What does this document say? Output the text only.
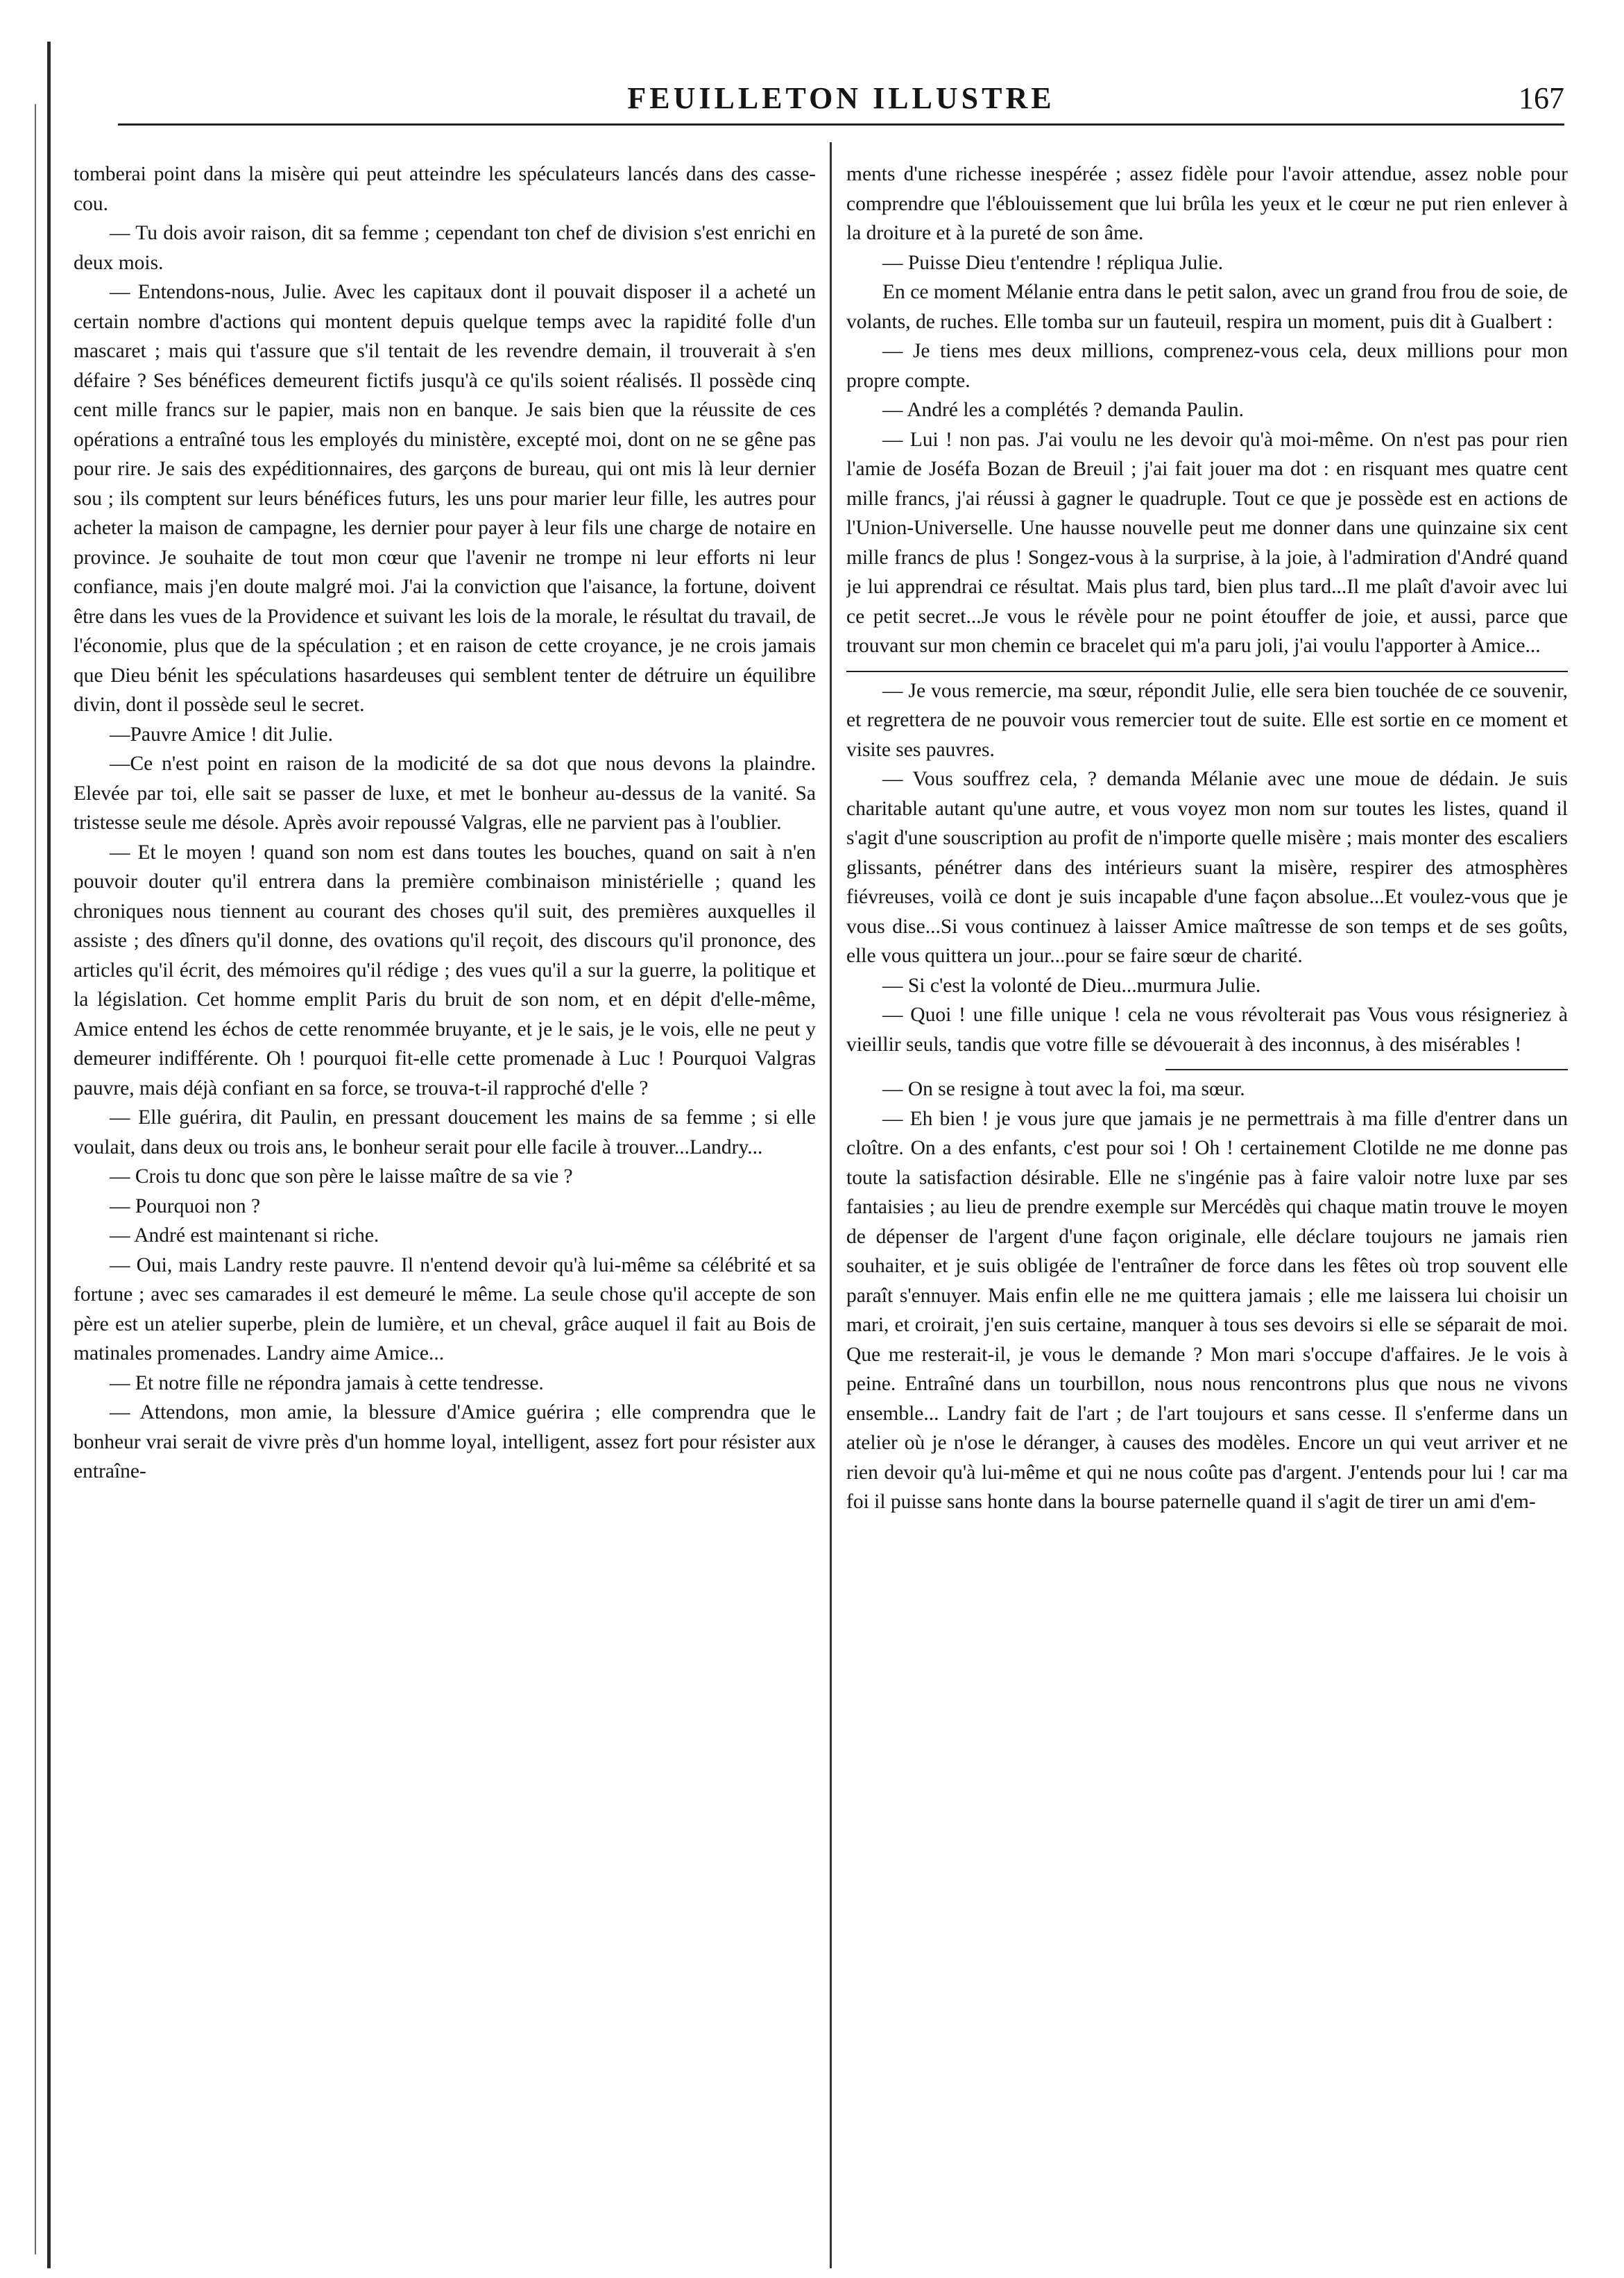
FEUILLETON ILLUSTRE	167

tomberai point dans la misère qui peut atteindre les spéculateurs lancés dans des casse-cou.

— Tu dois avoir raison, dit sa femme ; cependant ton chef de division s'est enrichi en deux mois.

— Entendons-nous, Julie. Avec les capitaux dont il pouvait disposer il a acheté un certain nombre d'actions qui montent depuis quelque temps avec la rapidité folle d'un mascaret ; mais qui t'assure que s'il tentait de les revendre demain, il trouverait à s'en défaire ? Ses bénéfices demeurent fictifs jusqu'à ce qu'ils soient réalisés. Il possède cinq cent mille francs sur le papier, mais non en banque. Je sais bien que la réussite de ces opérations a entraîné tous les employés du ministère, excepté moi, dont on ne se gêne pas pour rire. Je sais des expéditionnaires, des garçons de bureau, qui ont mis là leur dernier sou ; ils comptent sur leurs bénéfices futurs, les uns pour marier leur fille, les autres pour acheter la maison de campagne, les dernier pour payer à leur fils une charge de notaire en province. Je souhaite de tout mon cœur que l'avenir ne trompe ni leur efforts ni leur confiance, mais j'en doute malgré moi. J'ai la conviction que l'aisance, la fortune, doivent être dans les vues de la Providence et suivant les lois de la morale, le résultat du travail, de l'économie, plus que de la spéculation ; et en raison de cette croyance, je ne crois jamais que Dieu bénit les spéculations hasardeuses qui semblent tenter de détruire un équilibre divin, dont il possède seul le secret.

—Pauvre Amice ! dit Julie.

—Ce n'est point en raison de la modicité de sa dot que nous devons la plaindre. Elevée par toi, elle sait se passer de luxe, et met le bonheur au-dessus de la vanité. Sa tristesse seule me désole. Après avoir repoussé Valgras, elle ne parvient pas à l'oublier.

— Et le moyen ! quand son nom est dans toutes les bouches, quand on sait à n'en pouvoir douter qu'il entrera dans la première combinaison ministérielle ; quand les chroniques nous tiennent au courant des choses qu'il suit, des premières auxquelles il assiste ; des dîners qu'il donne, des ovations qu'il reçoit, des discours qu'il prononce, des articles qu'il écrit, des mémoires qu'il rédige ; des vues qu'il a sur la guerre, la politique et la législation. Cet homme emplit Paris du bruit de son nom, et en dépit d'elle-même, Amice entend les échos de cette renommée bruyante, et je le sais, je le vois, elle ne peut y demeurer indifférente. Oh ! pourquoi fit-elle cette promenade à Luc ! Pourquoi Valgras pauvre, mais déjà confiant en sa force, se trouva-t-il rapproché d'elle ?

— Elle guérira, dit Paulin, en pressant doucement les mains de sa femme ; si elle voulait, dans deux ou trois ans, le bonheur serait pour elle facile à trouver...Landry...

— Crois tu donc que son père le laisse maître de sa vie ?

— Pourquoi non ?

— André est maintenant si riche.

— Oui, mais Landry reste pauvre. Il n'entend devoir qu'à lui-même sa célébrité et sa fortune ; avec ses camarades il est demeuré le même. La seule chose qu'il accepte de son père est un atelier superbe, plein de lumière, et un cheval, grâce auquel il fait au Bois de matinales promenades. Landry aime Amice...

— Et notre fille ne répondra jamais à cette tendresse.

— Attendons, mon amie, la blessure d'Amice guérira ; elle comprendra que le bonheur vrai serait de vivre près d'un homme loyal, intelligent, assez fort pour résister aux entraîne-

ments d'une richesse inespérée ; assez fidèle pour l'avoir attendue, assez noble pour comprendre que l'éblouissement que lui brûla les yeux et le cœur ne put rien enlever à la droiture et à la pureté de son âme.

— Puisse Dieu t'entendre ! répliqua Julie.

En ce moment Mélanie entra dans le petit salon, avec un grand frou frou de soie, de volants, de ruches. Elle tomba sur un fauteuil, respira un moment, puis dit à Gualbert :

— Je tiens mes deux millions, comprenez-vous cela, deux millions pour mon propre compte.

— André les a complétés ? demanda Paulin.

— Lui ! non pas. J'ai voulu ne les devoir qu'à moi-même. On n'est pas pour rien l'amie de Joséfa Bozan de Breuil ; j'ai fait jouer ma dot : en risquant mes quatre cent mille francs, j'ai réussi à gagner le quadruple. Tout ce que je possède est en actions de l'Union-Universelle. Une hausse nouvelle peut me donner dans une quinzaine six cent mille francs de plus ! Songez-vous à la surprise, à la joie, à l'admiration d'André quand je lui apprendrai ce résultat. Mais plus tard, bien plus tard...Il me plaît d'avoir avec lui ce petit secret...Je vous le révèle pour ne point étouffer de joie, et aussi, parce que trouvant sur mon chemin ce bracelet qui m'a paru joli, j'ai voulu l'apporter à Amice...

— Je vous remercie, ma sœur, répondit Julie, elle sera bien touchée de ce souvenir, et regrettera de ne pouvoir vous remercier tout de suite. Elle est sortie en ce moment et visite ses pauvres.

— Vous souffrez cela, ? demanda Mélanie avec une moue de dédain. Je suis charitable autant qu'une autre, et vous voyez mon nom sur toutes les listes, quand il s'agit d'une souscription au profit de n'importe quelle misère ; mais monter des escaliers glissants, pénétrer dans des intérieurs suant la misère, respirer des atmosphères fiévreuses, voilà ce dont je suis incapable d'une façon absolue...Et voulez-vous que je vous dise...Si vous continuez à laisser Amice maîtresse de son temps et de ses goûts, elle vous quittera un jour...pour se faire sœur de charité.

— Si c'est la volonté de Dieu...murmura Julie.

— Quoi ! une fille unique ! cela ne vous révolterait pas Vous vous résigneriez à vieillir seuls, tandis que votre fille se dévouerait à des inconnus, à des misérables !

— On se resigne à tout avec la foi, ma sœur.

— Eh bien ! je vous jure que jamais je ne permettrais à ma fille d'entrer dans un cloître. On a des enfants, c'est pour soi ! Oh ! certainement Clotilde ne me donne pas toute la satisfaction désirable. Elle ne s'ingénie pas à faire valoir notre luxe par ses fantaisies ; au lieu de prendre exemple sur Mercédès qui chaque matin trouve le moyen de dépenser de l'argent d'une façon originale, elle déclare toujours ne jamais rien souhaiter, et je suis obligée de l'entraîner de force dans les fêtes où trop souvent elle paraît s'ennuyer. Mais enfin elle ne me quittera jamais ; elle me laissera lui choisir un mari, et croirait, j'en suis certaine, manquer à tous ses devoirs si elle se séparait de moi. Que me resterait-il, je vous le demande ? Mon mari s'occupe d'affaires. Je le vois à peine. Entraîné dans un tourbillon, nous nous rencontrons plus que nous ne vivons ensemble... Landry fait de l'art ; de l'art toujours et sans cesse. Il s'enferme dans un atelier où je n'ose le déranger, à causes des modèles. Encore un qui veut arriver et ne rien devoir qu'à lui-même et qui ne nous coûte pas d'argent. J'entends pour lui ! car ma foi il puisse sans honte dans la bourse paternelle quand il s'agit de tirer un ami d'em-
